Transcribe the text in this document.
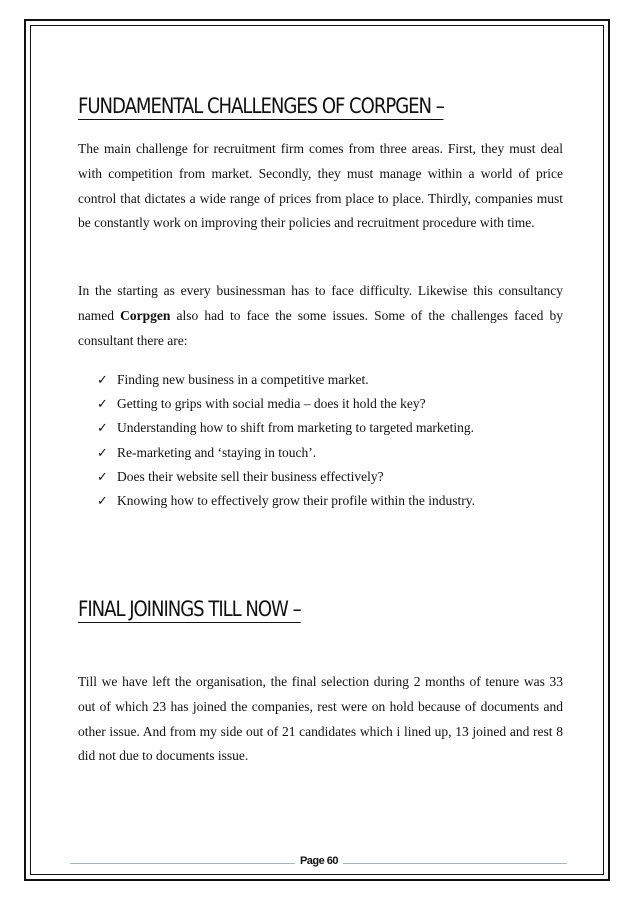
FUNDAMENTAL CHALLENGES OF CORPGEN –

The main challenge for recruitment firm comes from three areas. First, they must deal with competition from market. Secondly, they must manage within a world of price control that dictates a wide range of prices from place to place. Thirdly, companies must be constantly work on improving their policies and recruitment procedure with time.

In the starting as every businessman has to face difficulty. Likewise this consultancy named Corpgen also had to face the some issues. Some of the challenges faced by consultant there are:

✓ Finding new business in a competitive market.
✓ Getting to grips with social media – does it hold the key?
✓ Understanding how to shift from marketing to targeted marketing.
✓ Re-marketing and ‘staying in touch’.
✓ Does their website sell their business effectively?
✓ Knowing how to effectively grow their profile within the industry.
FINAL JOININGS TILL NOW –

Till we have left the organisation, the final selection during 2 months of tenure was 33 out of which 23 has joined the companies, rest were on hold because of documents and other issue. And from my side out of 21 candidates which i lined up, 13 joined and rest 8 did not due to documents issue.

Page 60
